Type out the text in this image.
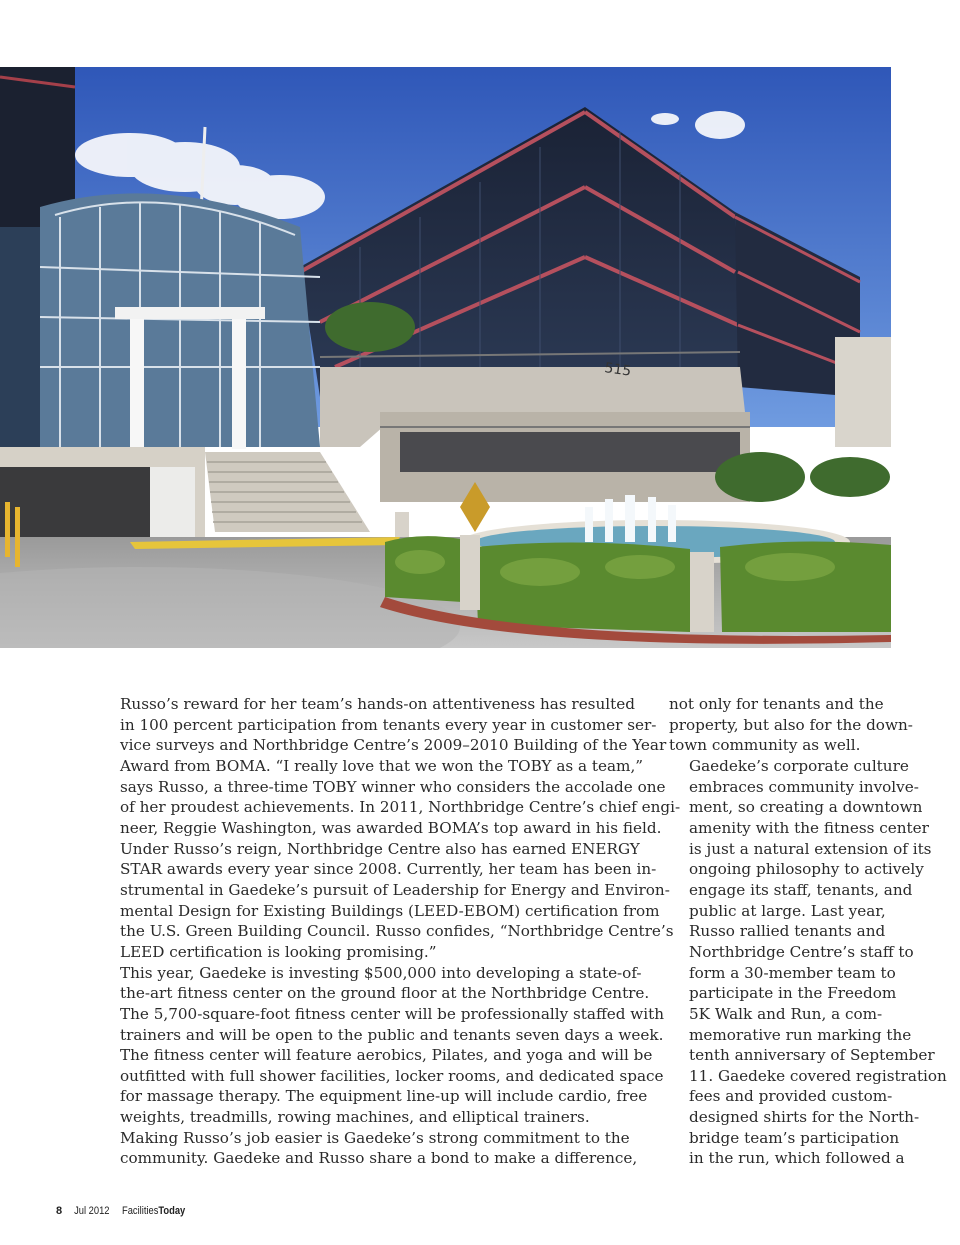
515

Russo’s reward for her team’s hands-on attentiveness has resulted
in 100 percent participation from tenants every year in customer ser-
vice surveys and Northbridge Centre’s 2009–2010 Building of the Year
Award from BOMA. “I really love that we won the TOBY as a team,”
says Russo, a three-time TOBY winner who considers the accolade one
of her proudest achievements. In 2011, Northbridge Centre’s chief engi-
neer, Reggie Washington, was awarded BOMA’s top award in his field.

Under Russo’s reign, Northbridge Centre also has earned ENERGY
STAR awards every year since 2008. Currently, her team has been in-
strumental in Gaedeke’s pursuit of Leadership for Energy and Environ-
mental Design for Existing Buildings (LEED-EBOM) certification from
the U.S. Green Building Council. Russo confides, “Northbridge Centre’s
LEED certification is looking promising.”

This year, Gaedeke is investing $500,000 into developing a state-of-
the-art fitness center on the ground floor at the Northbridge Centre.
The 5,700-square-foot fitness center will be professionally staffed with
trainers and will be open to the public and tenants seven days a week.
The fitness center will feature aerobics, Pilates, and yoga and will be
outfitted with full shower facilities, locker rooms, and dedicated space
for massage therapy. The equipment line-up will include cardio, free
weights, treadmills, rowing machines, and elliptical trainers.

Making Russo’s job easier is Gaedeke’s strong commitment to the
community. Gaedeke and Russo share a bond to make a difference,

not only for tenants and the
property, but also for the down-
town community as well.

Gaedeke’s corporate culture
embraces community involve-
ment, so creating a downtown
amenity with the fitness center
is just a natural extension of its
ongoing philosophy to actively
engage its staff, tenants, and
public at large. Last year,
Russo rallied tenants and
Northbridge Centre’s staff to
form a 30-member team to
participate in the Freedom
5K Walk and Run, a com-
memorative run marking the
tenth anniversary of September
11. Gaedeke covered registration
fees and provided custom-
designed shirts for the North-
bridge team’s participation
in the run, which followed a

8 Jul 2012 FacilitiesToday
